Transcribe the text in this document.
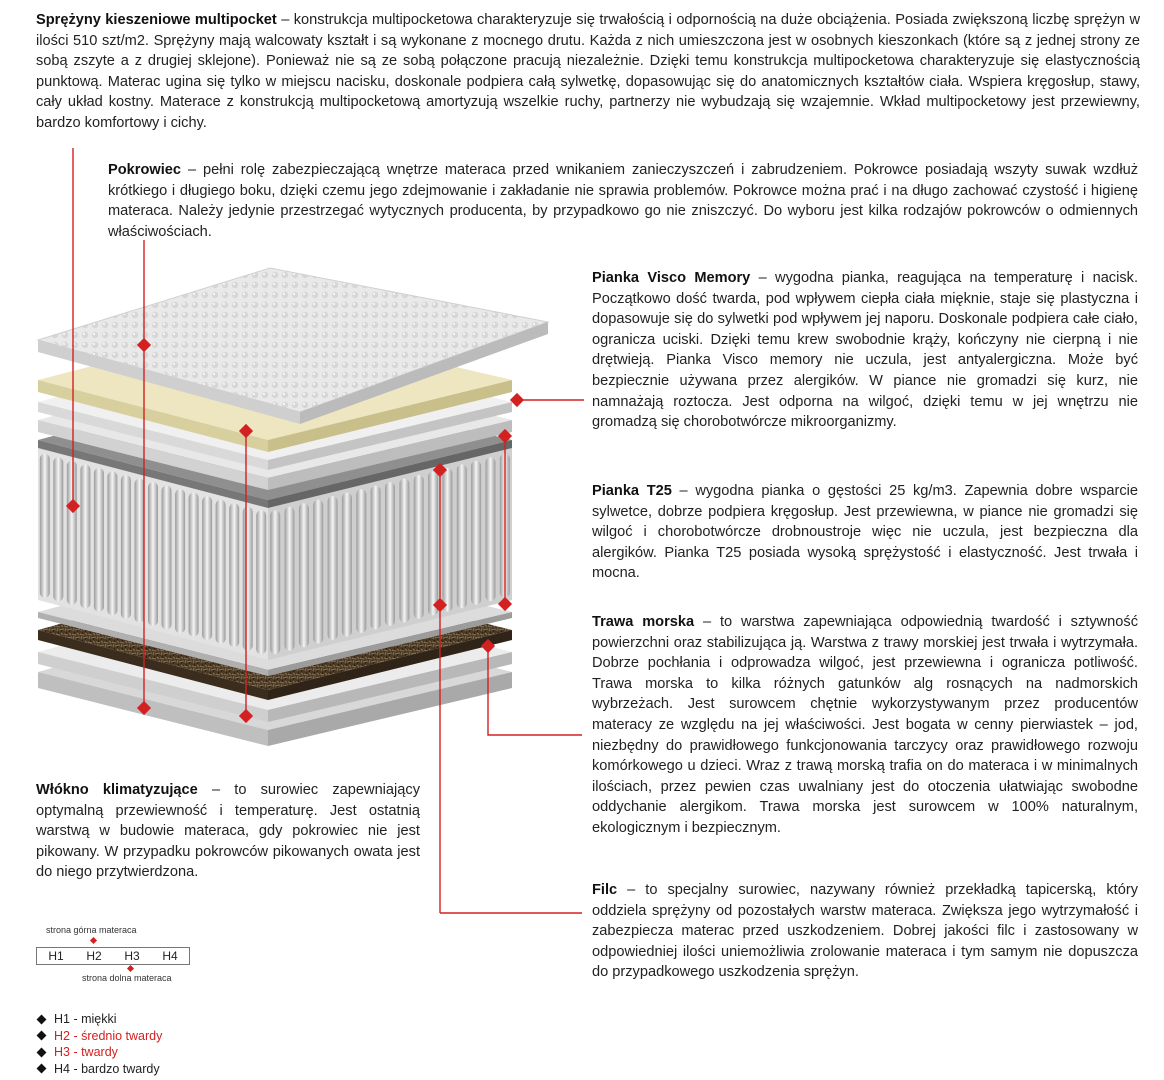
Sprężyny kieszeniowe multipocket – konstrukcja multipocketowa charakteryzuje się trwałością i odpornością na duże obciążenia. Posiada zwiększoną liczbę sprężyn w ilości 510 szt/m2. Sprężyny mają walcowaty kształt i są wykonane z mocnego drutu. Każda z nich umieszczona jest w osobnych kieszonkach (które są z jednej strony ze sobą zszyte a z drugiej sklejone). Ponieważ nie są ze sobą połączone pracują niezależnie. Dzięki temu konstrukcja multipocketowa charakteryzuje się elastycznością punktową. Materac ugina się tylko w miejscu nacisku, doskonale podpiera całą sylwetkę, dopasowując się do anatomicznych kształtów ciała. Wspiera kręgosłup, stawy, cały układ kostny. Materace z konstrukcją multipocketową amortyzują wszelkie ruchy, partnerzy nie wybudzają się wzajemnie. Wkład multipocketowy jest przewiewny, bardzo komfortowy i cichy.
Pokrowiec – pełni rolę zabezpieczającą wnętrze materaca przed wnikaniem zanieczyszczeń i zabrudzeniem. Pokrowce posiadają wszyty suwak wzdłuż krótkiego i długiego boku, dzięki czemu jego zdejmowanie i zakładanie nie sprawia problemów. Pokrowce można prać i na długo zachować czystość i higienę materaca. Należy jedynie przestrzegać wytycznych producenta, by przypadkowo go nie zniszczyć. Do wyboru jest kilka rodzajów pokrowców o odmiennych właściwościach.
Pianka Visco Memory – wygodna pianka, reagująca na temperaturę i nacisk. Początkowo dość twarda, pod wpływem ciepła ciała mięknie, staje się plastyczna i dopasowuje się do sylwetki pod wpływem jej naporu. Doskonale podpiera całe ciało, ogranicza uciski. Dzięki temu krew swobodnie krąży, kończyny nie cierpną i nie drętwieją. Pianka Visco memory nie uczula, jest antyalergiczna. Może być bezpiecznie używana przez alergików. W piance nie gromadzi się kurz, nie namnażają roztocza. Jest odporna na wilgoć, dzięki temu w jej wnętrzu nie gromadzą się chorobotwórcze mikroorganizmy.
Pianka T25 – wygodna pianka o gęstości 25 kg/m3. Zapewnia dobre wsparcie sylwetce, dobrze podpiera kręgosłup. Jest przewiewna, w piance nie gromadzi się wilgoć i chorobotwórcze drobnoustroje więc nie uczula, jest bezpieczna dla alergików. Pianka T25 posiada wysoką sprężystość i elastyczność. Jest trwała i mocna.
Trawa morska – to warstwa zapewniająca odpowiednią twardość i sztywność powierzchni oraz stabilizująca ją. Warstwa z trawy morskiej jest trwała i wytrzymała. Dobrze pochłania i odprowadza wilgoć, jest przewiewna i ogranicza potliwość. Trawa morska to kilka różnych gatunków alg rosnących na nadmorskich wybrzeżach. Jest surowcem chętnie wykorzystywanym przez producentów materacy ze względu na jej właściwości. Jest bogata w cenny pierwiastek – jod, niezbędny do prawidłowego funkcjonowania tarczycy oraz prawidłowego rozwoju komórkowego u dzieci. Wraz z trawą morską trafia on do materaca i w minimalnych ilościach, przez pewien czas uwalniany jest do otoczenia ułatwiając swobodne oddychanie alergikom. Trawa morska jest surowcem w 100% naturalnym, ekologicznym i bezpiecznym.
Filc – to specjalny surowiec, nazywany również przekładką tapicerską, który oddziela sprężyny od pozostałych warstw materaca. Zwiększa jego wytrzymałość i zabezpiecza materac przed uszkodzeniem. Dobrej jakości filc i zastosowany w odpowiedniej ilości uniemożliwia zrolowanie materaca i tym samym nie dopuszcza do przypadkowego uszkodzenia sprężyn.
Włókno klimatyzujące – to surowiec zapewniający optymalną przewiewność i temperaturę. Jest ostatnią warstwą w budowie materaca, gdy pokrowiec nie jest pikowany. W przypadku pokrowców pikowanych owata jest do niego przytwierdzona.
strona górna materaca
H1	H2	H3	H4
strona dolna materaca
H1 - miękki
H2 - średnio twardy
H3 - twardy
H4 - bardzo twardy
